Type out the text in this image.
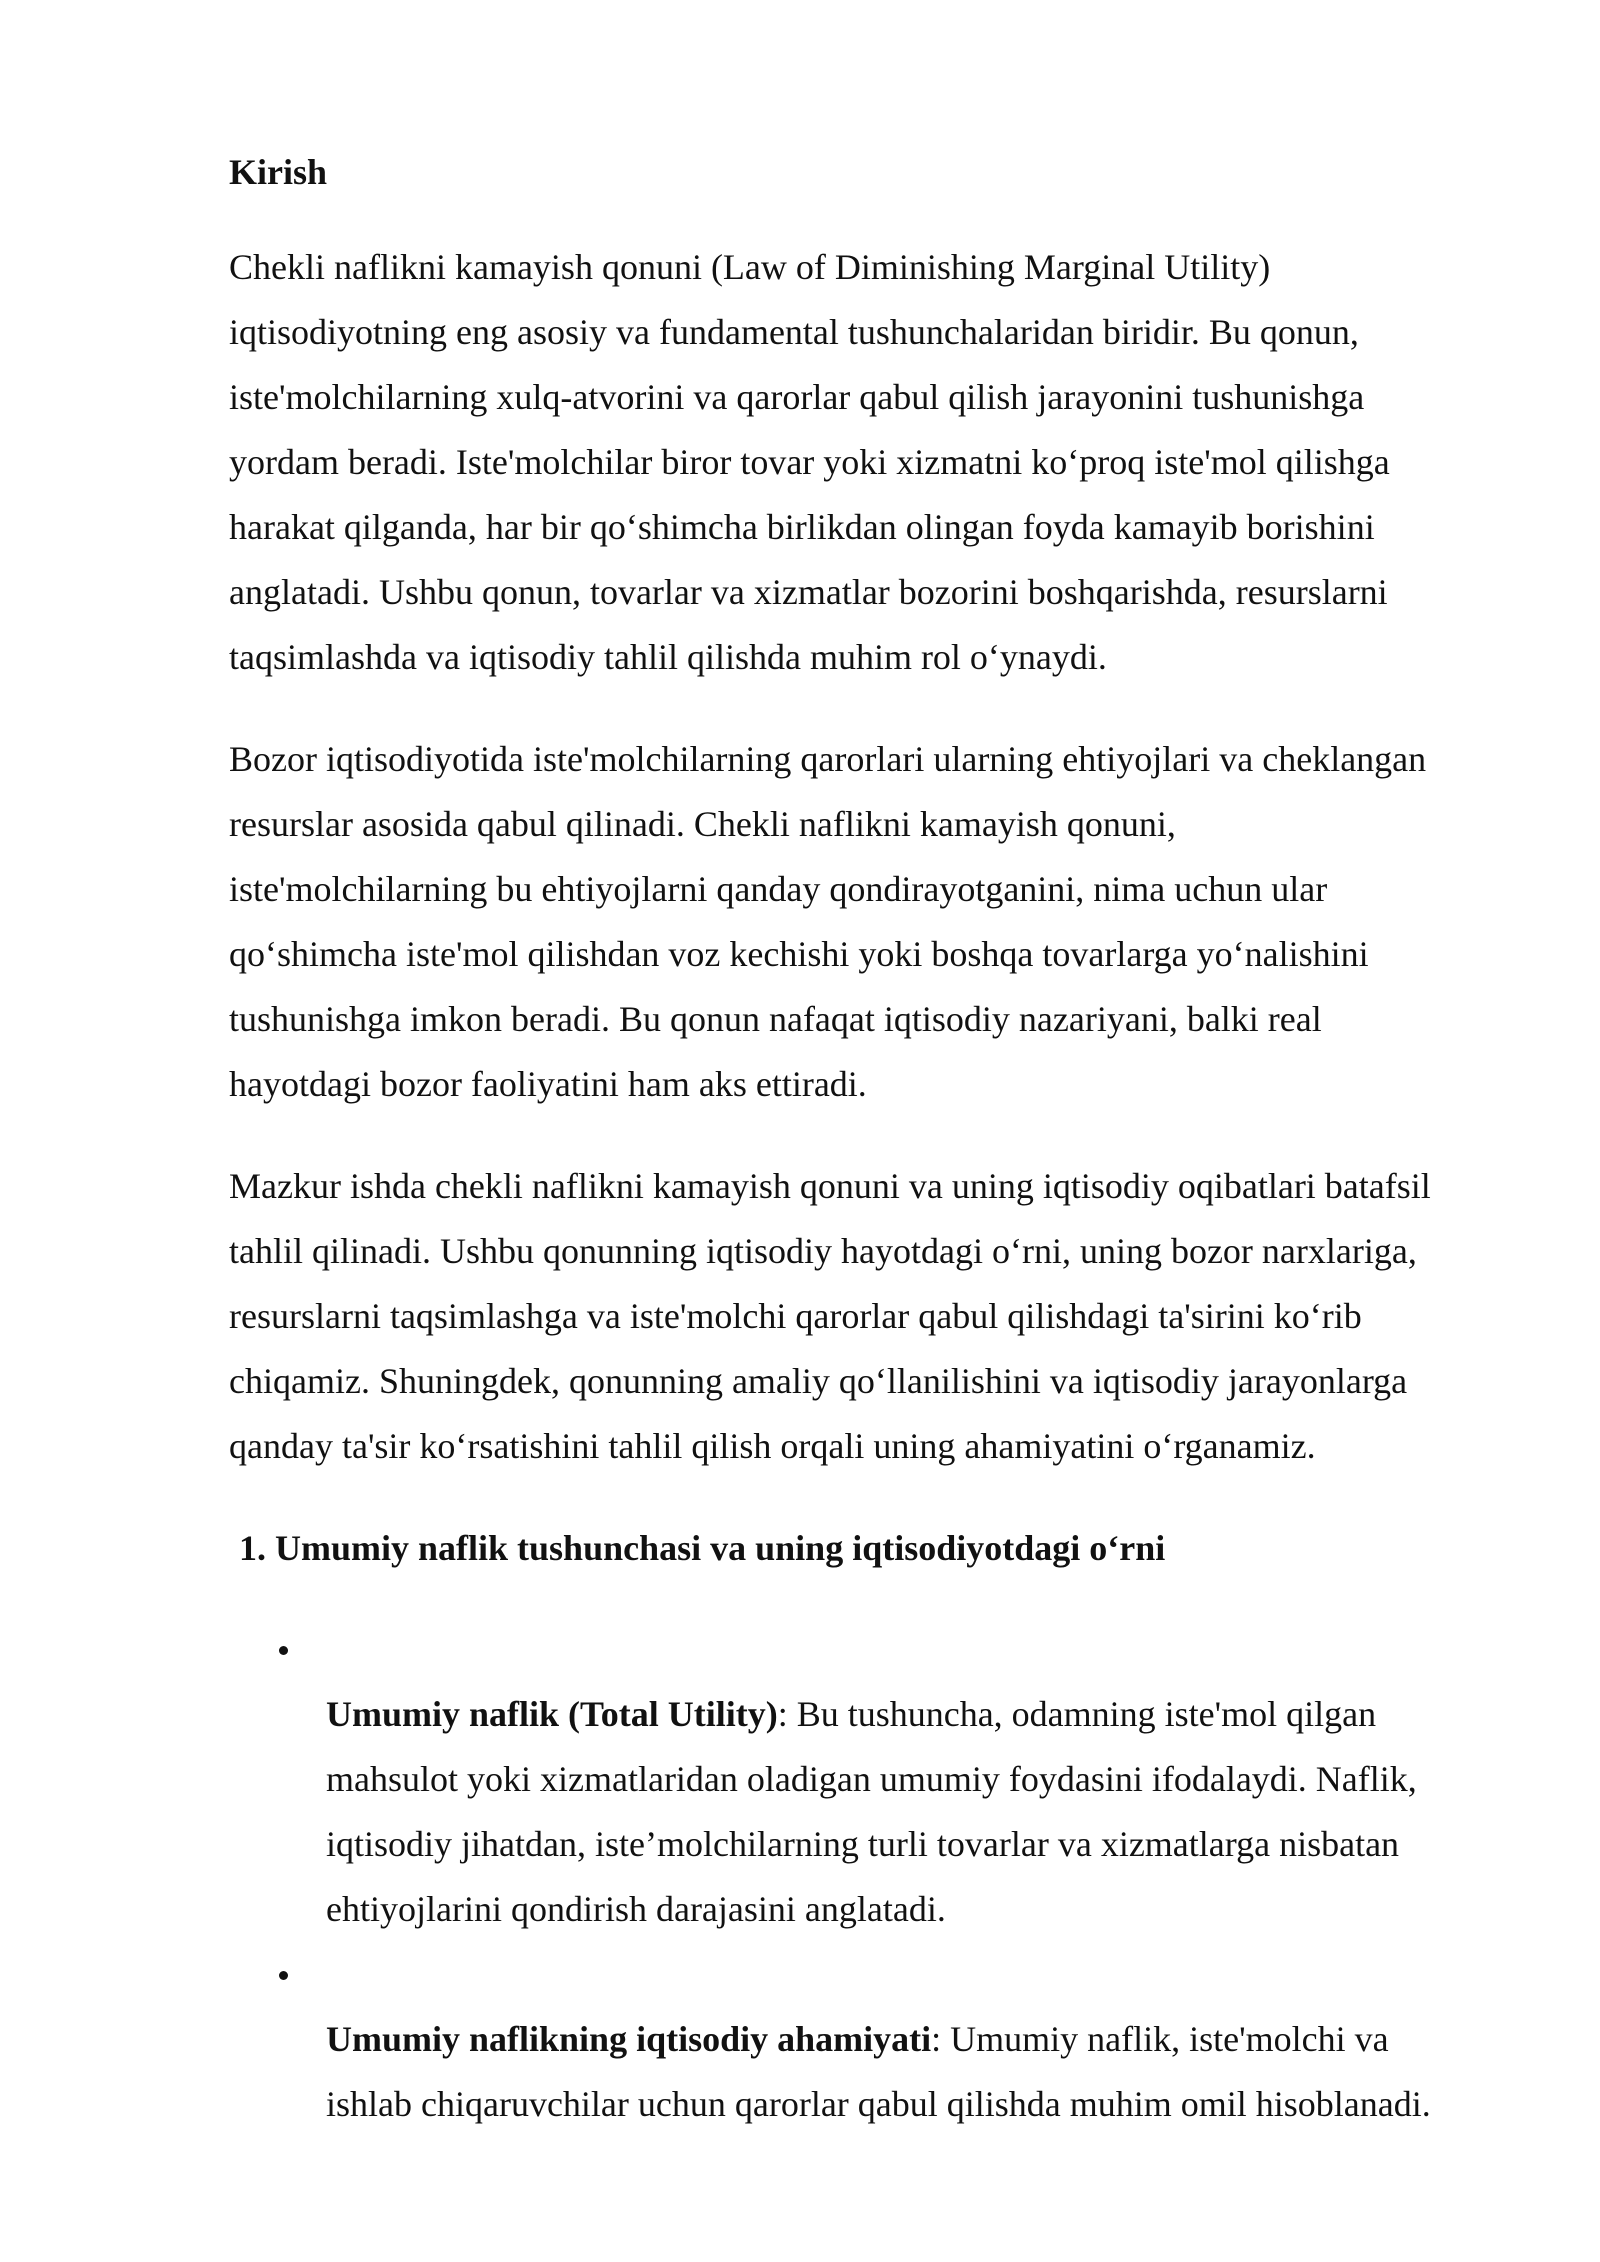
Kirish

Chekli naflikni kamayish qonuni (Law of Diminishing Marginal Utility)
iqtisodiyotning eng asosiy va fundamental tushunchalaridan biridir. Bu qonun,
iste'molchilarning xulq-atvorini va qarorlar qabul qilish jarayonini tushunishga
yordam beradi. Iste'molchilar biror tovar yoki xizmatni koʻproq iste'mol qilishga
harakat qilganda, har bir qoʻshimcha birlikdan olingan foyda kamayib borishini
anglatadi. Ushbu qonun, tovarlar va xizmatlar bozorini boshqarishda, resurslarni
taqsimlashda va iqtisodiy tahlil qilishda muhim rol oʻynaydi.

Bozor iqtisodiyotida iste'molchilarning qarorlari ularning ehtiyojlari va cheklangan
resurslar asosida qabul qilinadi. Chekli naflikni kamayish qonuni,
iste'molchilarning bu ehtiyojlarni qanday qondirayotganini, nima uchun ular
qoʻshimcha iste'mol qilishdan voz kechishi yoki boshqa tovarlarga yoʻnalishini
tushunishga imkon beradi. Bu qonun nafaqat iqtisodiy nazariyani, balki real
hayotdagi bozor faoliyatini ham aks ettiradi.

Mazkur ishda chekli naflikni kamayish qonuni va uning iqtisodiy oqibatlari batafsil
tahlil qilinadi. Ushbu qonunning iqtisodiy hayotdagi oʻrni, uning bozor narxlariga,
resurslarni taqsimlashga va iste'molchi qarorlar qabul qilishdagi ta'sirini koʻrib
chiqamiz. Shuningdek, qonunning amaliy qoʻllanilishini va iqtisodiy jarayonlarga
qanday ta'sir koʻrsatishini tahlil qilish orqali uning ahamiyatini oʻrganamiz.

1. Umumiy naflik tushunchasi va uning iqtisodiyotdagi oʻrni

Umumiy naflik (Total Utility): Bu tushuncha, odamning iste'mol qilgan
mahsulot yoki xizmatlaridan oladigan umumiy foydasini ifodalaydi. Naflik,
iqtisodiy jihatdan, iste’molchilarning turli tovarlar va xizmatlarga nisbatan
ehtiyojlarini qondirish darajasini anglatadi.

Umumiy naflikning iqtisodiy ahamiyati: Umumiy naflik, iste'molchi va
ishlab chiqaruvchilar uchun qarorlar qabul qilishda muhim omil hisoblanadi.
